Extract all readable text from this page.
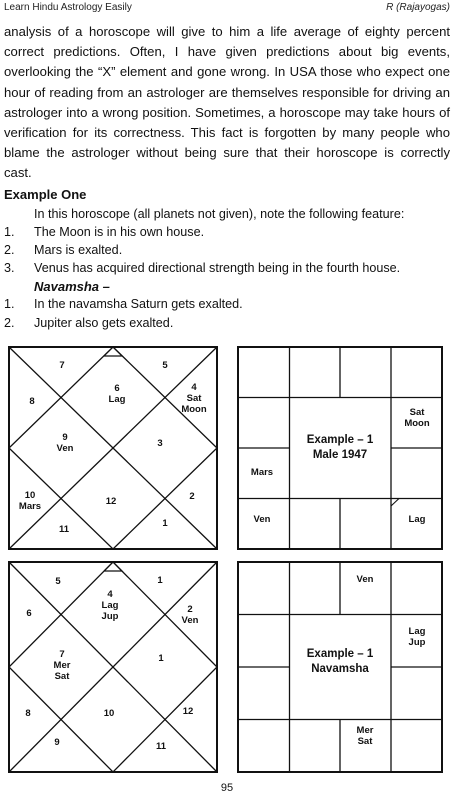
Learn Hindu Astrology Easily	R (Rajayogas)

analysis of a horoscope will give to him a life average of eighty percent correct predictions. Often, I have given predictions about big events, overlooking the “X” element and gone wrong. In USA those who expect one hour of reading from an astrologer are themselves responsible for driving an astrologer into a wrong position. Sometimes, a horoscope may take hours of verification for its correctness. This fact is forgotten by many people who blame the astrologer without being sure that their horoscope is correctly cast.

Example One
In this horoscope (all planets not given), note the following feature:
1. The Moon is in his own house.
2. Mars is exalted.
3. Venus has acquired directional strength being in the fourth house.
Navamsha –
1. In the navamsha Saturn gets exalted.
2. Jupiter also gets exalted.
6
Lag
7	5
8
4
Sat
Moon
9
Ven	3
12
10
Mars
2
11
1
Sat
Moon
Lag
Ven
Mars
Example – 1
Male 1947
4
Lag
Jup
5	1
6	2
Ven
7
Mer
Sat
1
10
8	12
9	11
Ven
Lag
Jup
Mer
Sat
Example – 1
Navamsha
95
